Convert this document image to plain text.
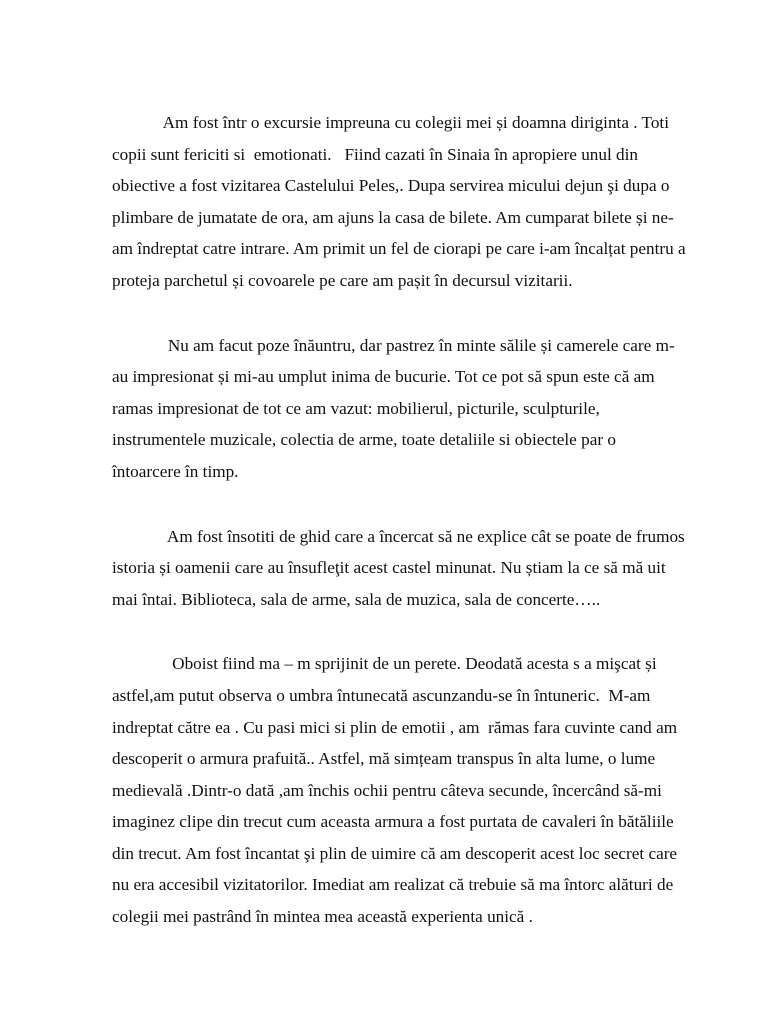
Am fost într o excursie impreuna cu colegii mei și doamna diriginta . Toti
copii sunt fericiti si  emotionati.   Fiind cazati în Sinaia în apropiere unul din
obiective a fost vizitarea Castelului Peles,. Dupa servirea micului dejun şi dupa o
plimbare de jumatate de ora, am ajuns la casa de bilete. Am cumparat bilete și ne-
am îndreptat catre intrare. Am primit un fel de ciorapi pe care i-am încalțat pentru a
proteja parchetul și covoarele pe care am pașit în decursul vizitarii.

Nu am facut poze înăuntru, dar pastrez în minte sălile și camerele care m-
au impresionat și mi-au umplut inima de bucurie. Tot ce pot să spun este că am
ramas impresionat de tot ce am vazut: mobilierul, picturile, sculpturile,
instrumentele muzicale, colectia de arme, toate detaliile si obiectele par o
întoarcere în timp.

Am fost însotiti de ghid care a încercat să ne explice cât se poate de frumos
istoria și oamenii care au însufleţit acest castel minunat. Nu știam la ce să mă uit
mai întai. Biblioteca, sala de arme, sala de muzica, sala de concerte…..

Oboist fiind ma – m sprijinit de un perete. Deodată acesta s a mişcat și
astfel,am putut observa o umbra întunecată ascunzandu-se în întuneric.  M-am
indreptat către ea . Cu pasi mici si plin de emotii , am  rămas fara cuvinte cand am
descoperit o armura prafuită.. Astfel, mă simțeam transpus în alta lume, o lume
medievală .Dintr-o dată ,am închis ochii pentru câteva secunde, încercând să-mi
imaginez clipe din trecut cum aceasta armura a fost purtata de cavaleri în bătăliile
din trecut. Am fost încantat şi plin de uimire că am descoperit acest loc secret care
nu era accesibil vizitatorilor. Imediat am realizat că trebuie să ma întorc alături de
colegii mei pastrând în mintea mea această experienta unică .
